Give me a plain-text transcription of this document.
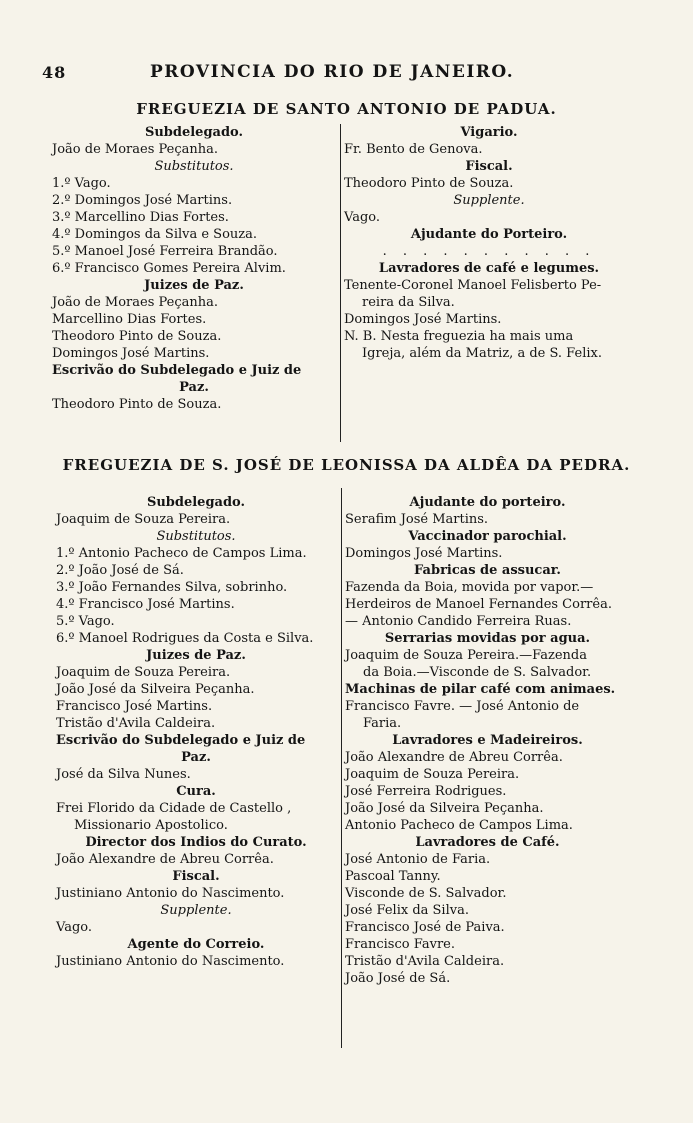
48	PROVINCIA DO RIO DE JANEIRO.
FREGUEZIA DE SANTO ANTONIO DE PADUA.
Subdelegado.
João de Moraes Peçanha.
Substitutos.
1.º Vago.
2.º Domingos José Martins.
3.º Marcellino Dias Fortes.
4.º Domingos da Silva e Souza.
5.º Manoel José Ferreira Brandão.
6.º Francisco Gomes Pereira Alvim.
Juizes de Paz.
João de Moraes Peçanha.
Marcellino Dias Fortes.
Theodoro Pinto de Souza.
Domingos José Martins.
Escrivão do Subdelegado e Juiz de
Paz.
Theodoro Pinto de Souza.
Vigario.
Fr. Bento de Genova.
Fiscal.
Theodoro Pinto de Souza.
Supplente.
Vago.
Ajudante do Porteiro.
. . . . . . . . . . .
Lavradores de café e legumes.
Tenente-Coronel Manoel Felisberto Pe-
reira da Silva.
Domingos José Martins.
N. B. Nesta freguezia ha mais uma
Igreja, além da Matriz, a de S. Felix.
FREGUEZIA DE S. JOSÉ DE LEONISSA DA ALDÊA DA PEDRA.
Subdelegado.
Joaquim de Souza Pereira.
Substitutos.
1.º Antonio Pacheco de Campos Lima.
2.º João José de Sá.
3.º João Fernandes Silva, sobrinho.
4.º Francisco José Martins.
5.º Vago.
6.º Manoel Rodrigues da Costa e Silva.
Juizes de Paz.
Joaquim de Souza Pereira.
João José da Silveira Peçanha.
Francisco José Martins.
Tristão d'Avila Caldeira.
Escrivão do Subdelegado e Juiz de
Paz.
José da Silva Nunes.
Cura.
Frei Florido da Cidade de Castello ,
Missionario Apostolico.
Director dos Indios do Curato.
João Alexandre de Abreu Corrêa.
Fiscal.
Justiniano Antonio do Nascimento.
Supplente.
Vago.
Agente do Correio.
Justiniano Antonio do Nascimento.
Ajudante do porteiro.
Serafim José Martins.
Vaccinador parochial.
Domingos José Martins.
Fabricas de assucar.
Fazenda da Boia, movida por vapor.—
Herdeiros de Manoel Fernandes Corrêa.
— Antonio Candido Ferreira Ruas.
Serrarias movidas por agua.
Joaquim de Souza Pereira.—Fazenda
da Boia.—Visconde de S. Salvador.
Machinas de pilar café com animaes.
Francisco Favre. — José Antonio de
Faria.
Lavradores e Madeireiros.
João Alexandre de Abreu Corrêa.
Joaquim de Souza Pereira.
José Ferreira Rodrigues.
João José da Silveira Peçanha.
Antonio Pacheco de Campos Lima.
Lavradores de Café.
José Antonio de Faria.
Pascoal Tanny.
Visconde de S. Salvador.
José Felix da Silva.
Francisco José de Paiva.
Francisco Favre.
Tristão d'Avila Caldeira.
João José de Sá.
